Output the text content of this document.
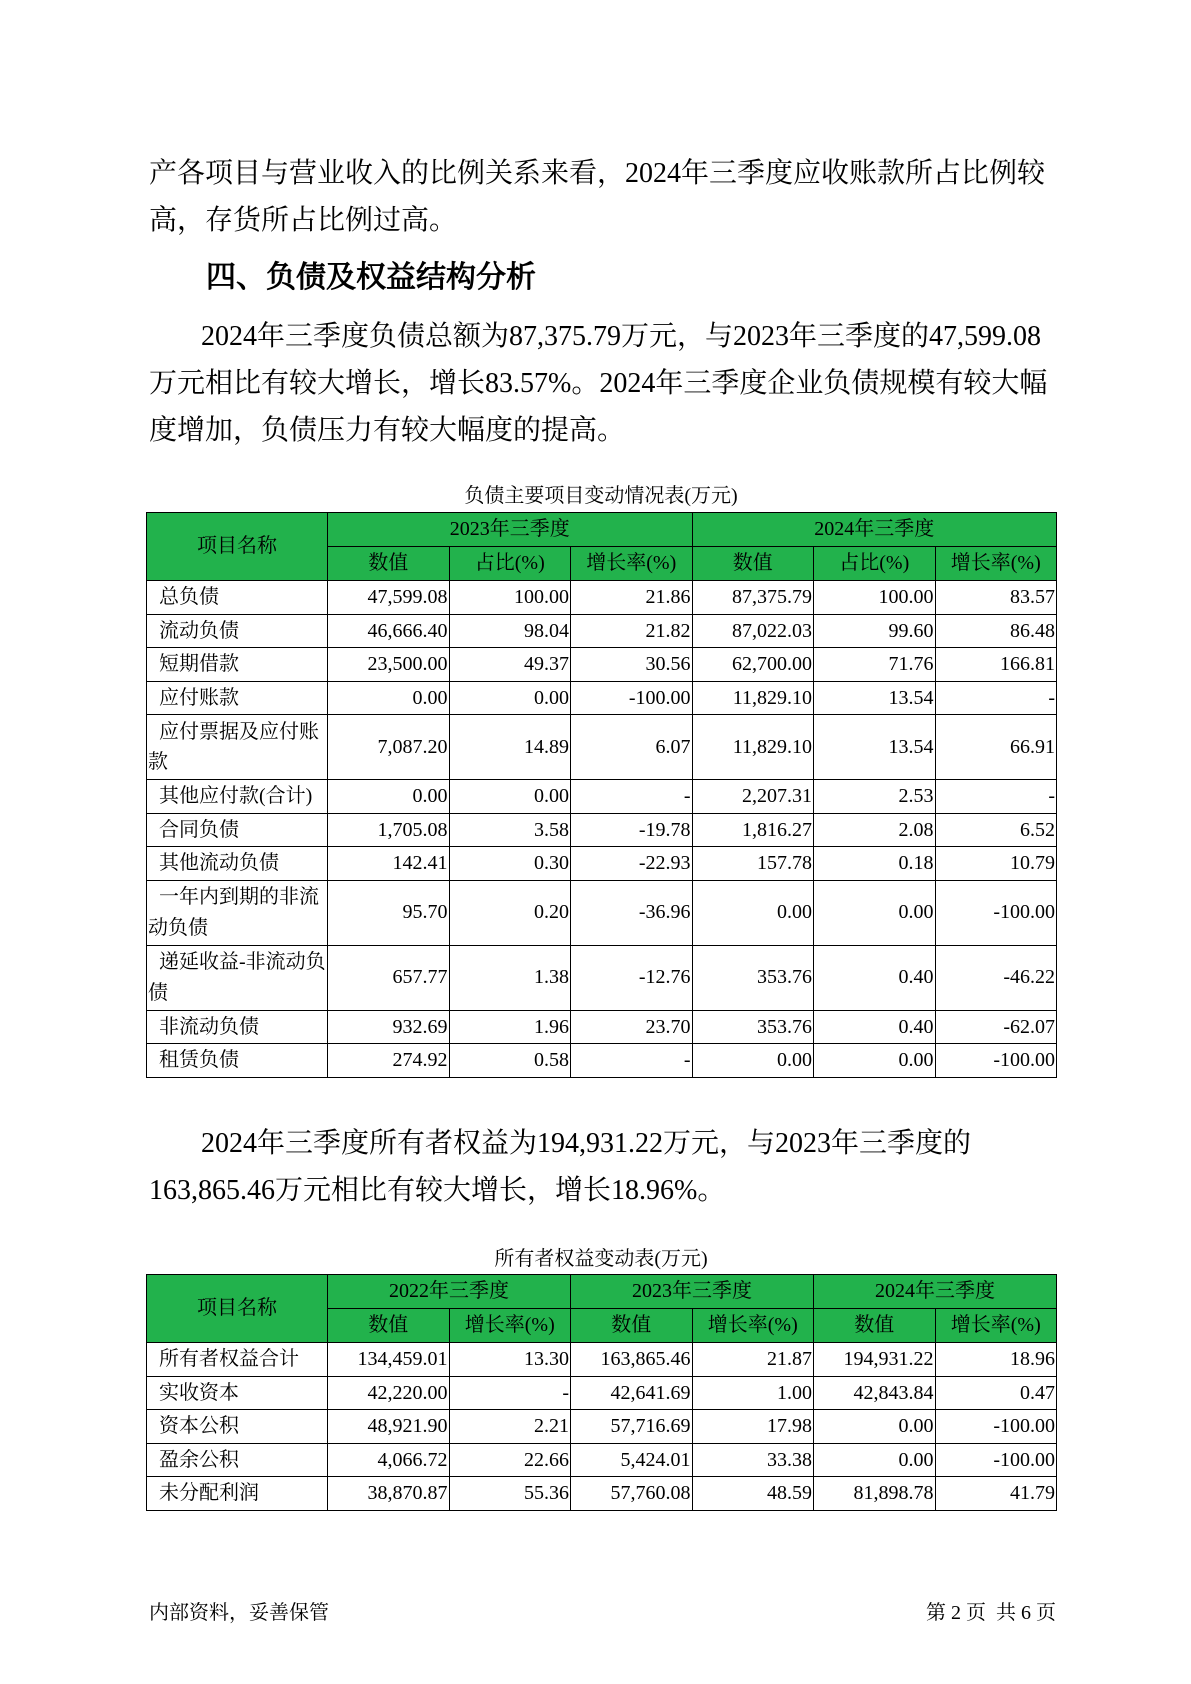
产各项目与营业收入的比例关系来看，2024年三季度应收账款所占比例较
高，存货所占比例过高。
四、负债及权益结构分析
2024年三季度负债总额为87,375.79万元，与2023年三季度的47,599.08
万元相比有较大增长，增长83.57%。2024年三季度企业负债规模有较大幅
度增加，负债压力有较大幅度的提高。
负债主要项目变动情况表(万元)
项目名称	2023年三季度			2024年三季度		
	数值	占比(%)	增长率(%)	数值	占比(%)	增长率(%)
总负债	47,599.08	100.00	21.86	87,375.79	100.00	83.57
流动负债	46,666.40	98.04	21.82	87,022.03	99.60	86.48
短期借款	23,500.00	49.37	30.56	62,700.00	71.76	166.81
应付账款	0.00	0.00	-100.00	11,829.10	13.54	-
应付票据及应付账款	7,087.20	14.89	6.07	11,829.10	13.54	66.91
其他应付款(合计)	0.00	0.00	-	2,207.31	2.53	-
合同负债	1,705.08	3.58	-19.78	1,816.27	2.08	6.52
其他流动负债	142.41	0.30	-22.93	157.78	0.18	10.79
一年内到期的非流动负债	95.70	0.20	-36.96	0.00	0.00	-100.00
递延收益-非流动负债	657.77	1.38	-12.76	353.76	0.40	-46.22
非流动负债	932.69	1.96	23.70	353.76	0.40	-62.07
租赁负债	274.92	0.58	-	0.00	0.00	-100.00
2024年三季度所有者权益为194,931.22万元，与2023年三季度的
163,865.46万元相比有较大增长，增长18.96%。
所有者权益变动表(万元)
项目名称	2022年三季度		2023年三季度		2024年三季度	
	数值	增长率(%)	数值	增长率(%)	数值	增长率(%)
所有者权益合计	134,459.01	13.30	163,865.46	21.87	194,931.22	18.96
实收资本	42,220.00	-	42,641.69	1.00	42,843.84	0.47
资本公积	48,921.90	2.21	57,716.69	17.98	0.00	-100.00
盈余公积	4,066.72	22.66	5,424.01	33.38	0.00	-100.00
未分配利润	38,870.87	55.36	57,760.08	48.59	81,898.78	41.79
内部资料，妥善保管	第 2 页  共 6 页
